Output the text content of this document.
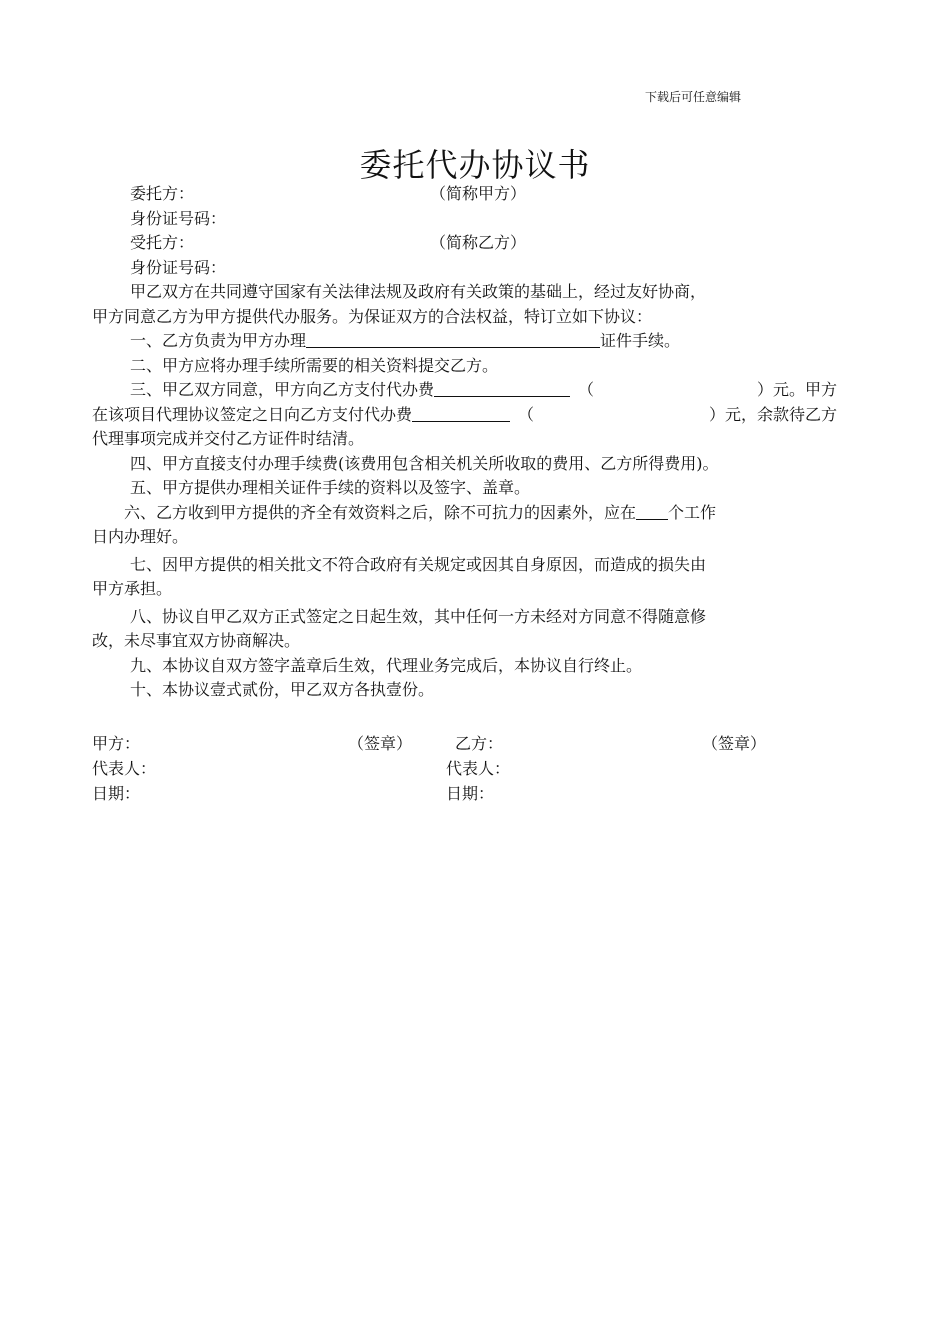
下载后可任意编辑
委托代办协议书
委托方：	（简称甲方）
身份证号码：
受托方：	（简称乙方）
身份证号码：
甲乙双方在共同遵守国家有关法律法规及政府有关政策的基础上，经过友好协商，
甲方同意乙方为甲方提供代办服务。为保证双方的合法权益，特订立如下协议：
一、乙方负责为甲方办理	证件手续。
二、甲方应将办理手续所需要的相关资料提交乙方。
三、甲乙双方同意，甲方向乙方支付代办费	（	）元。甲方
在该项目代理协议签定之日向乙方支付代办费	（	）元，余款待乙方
代理事项完成并交付乙方证件时结清。
四、甲方直接支付办理手续费(该费用包含相关机关所收取的费用、乙方所得费用)。
五、甲方提供办理相关证件手续的资料以及签字、盖章。
六、乙方收到甲方提供的齐全有效资料之后，除不可抗力的因素外，应在 个工作
日内办理好。
七、因甲方提供的相关批文不符合政府有关规定或因其自身原因，而造成的损失由
甲方承担。
八、协议自甲乙双方正式签定之日起生效，其中任何一方未经对方同意不得随意修
改，未尽事宜双方协商解决。
九、本协议自双方签字盖章后生效，代理业务完成后，本协议自行终止。
十、本协议壹式贰份，甲乙双方各执壹份。
甲方：	（签章）	乙方：	（签章）
代表人：	代表人：
日期：	日期：
